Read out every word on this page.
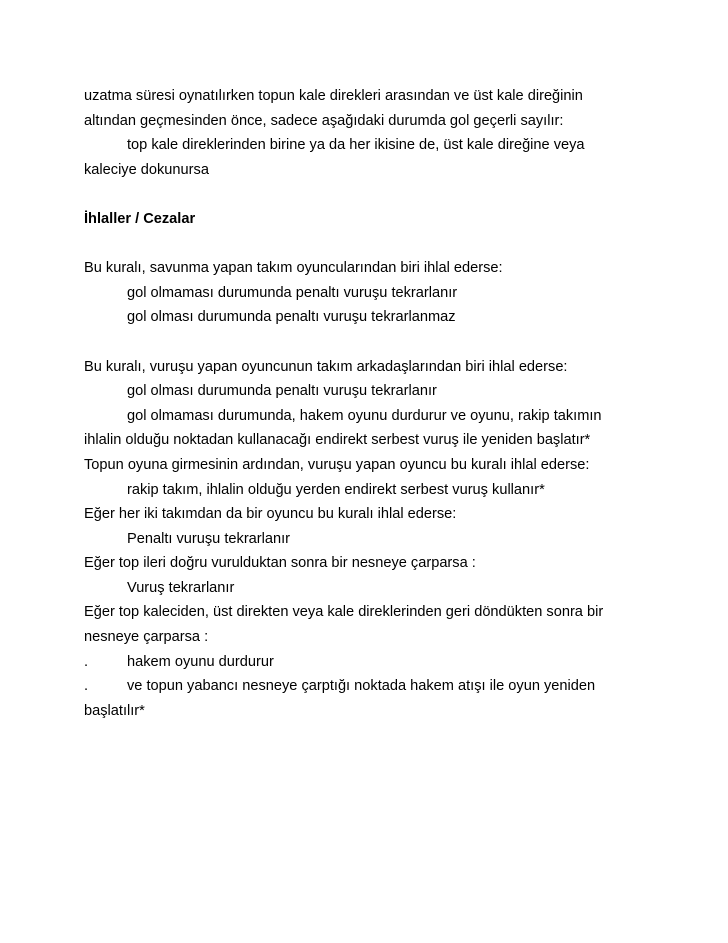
uzatma süresi oynatılırken topun kale direkleri arasından ve üst kale direğinin
altından geçmesinden önce, sadece aşağıdaki durumda gol geçerli sayılır:
top kale direklerinden birine ya da her ikisine de, üst kale direğine veya
kaleciye dokunursa
İhlaller / Cezalar
Bu kuralı, savunma yapan takım oyuncularından biri ihlal ederse:
gol olmaması durumunda penaltı vuruşu tekrarlanır
gol olması durumunda penaltı vuruşu tekrarlanmaz
Bu kuralı, vuruşu yapan oyuncunun takım arkadaşlarından biri ihlal ederse:
gol olması durumunda penaltı vuruşu tekrarlanır
gol olmaması durumunda, hakem oyunu durdurur ve oyunu, rakip takımın
ihlalin olduğu noktadan kullanacağı endirekt serbest vuruş ile yeniden başlatır*
Topun oyuna girmesinin ardından, vuruşu yapan oyuncu bu kuralı ihlal ederse:
rakip takım, ihlalin olduğu yerden endirekt serbest vuruş kullanır*
Eğer her iki takımdan da bir oyuncu bu kuralı ihlal ederse:
Penaltı vuruşu tekrarlanır
Eğer top ileri doğru vurulduktan sonra bir nesneye çarparsa :
Vuruş tekrarlanır
Eğer top kaleciden, üst direkten veya kale direklerinden geri döndükten sonra bir
nesneye çarparsa :
.	hakem oyunu durdurur
.	ve topun yabancı nesneye çarptığı noktada hakem atışı ile oyun yeniden
başlatılır*
